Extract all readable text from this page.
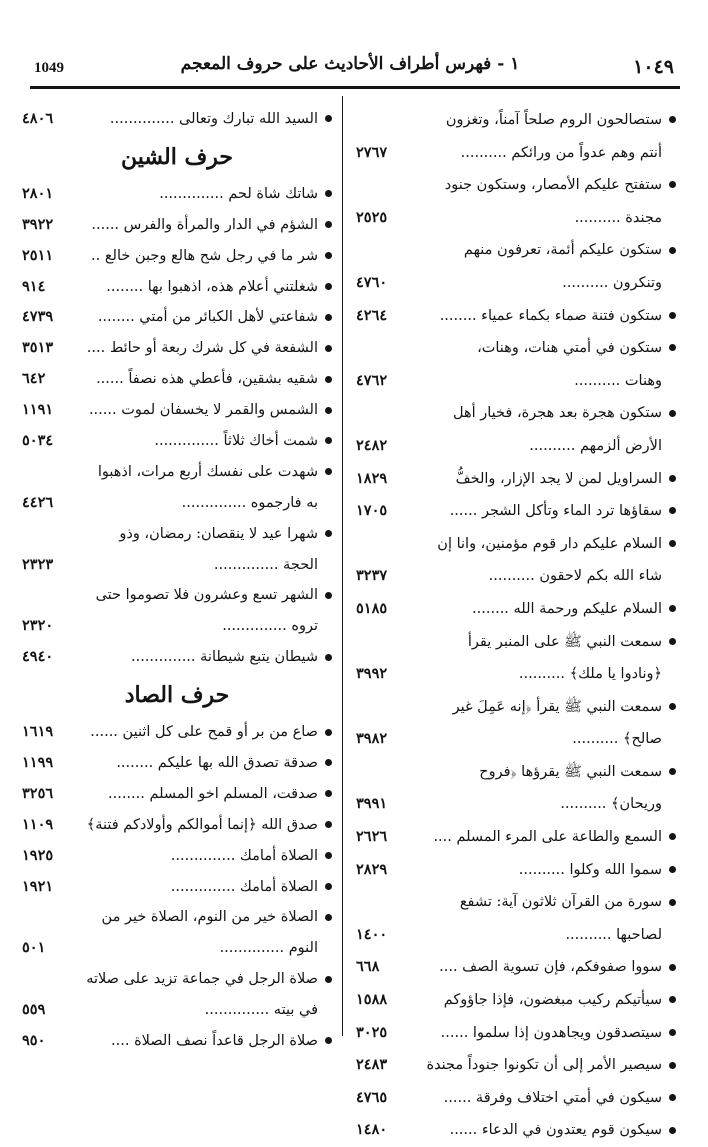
1049	١ - فهرس أطراف الأحاديث على حروف المعجم	١٠٤٩
ستصالحون الروم صلحاً آمناً، وتغزون
أنتم وهم عدواً من ورائكم ..........
٢٧٦٧
ستفتح عليكم الأمصار، وستكون جنود
مجندة ..........
٢٥٢٥
ستكون عليكم أئمة، تعرفون منهم
وتنكرون ..........
٤٧٦٠
ستكون فتنة صماء بكماء عمياء ........
٤٢٦٤
ستكون في أمتي هنات، وهنات،
وهنات ..........
٤٧٦٢
ستكون هجرة بعد هجرة، فخيار أهل
الأرض ألزمهم ..........
٢٤٨٢
السراويل لمن لا يجد الإزار، والخفُّ
١٨٢٩
سقاؤها ترد الماء وتأكل الشجر ......
١٧٠٥
السلام عليكم دار قوم مؤمنين، وانا إن
شاء الله بكم لاحقون ..........
٣٢٣٧
السلام عليكم ورحمة الله ........
٥١٨٥
سمعت النبي ﷺ على المنبر يقرأ
﴿ونادوا يا ملك﴾ ..........
٣٩٩٢
سمعت النبي ﷺ يقرأ ﴿إنه عَمِلَ غير
صالح﴾ ..........
٣٩٨٢
سمعت النبي ﷺ يقرؤها ﴿فروح
وريحان﴾ ..........
٣٩٩١
السمع والطاعة على المرء المسلم ....
٢٦٢٦
سموا الله وكلوا ..........
٢٨٢٩
سورة من القرآن ثلاثون آية: تشفع
لصاحبها ..........
١٤٠٠
سووا صفوفكم، فإن تسوية الصف ....
٦٦٨
سيأتيكم ركيب مبغضون، فإذا جاؤوكم
١٥٨٨
سيتصدقون ويجاهدون إذا سلموا ......
٣٠٢٥
سيصير الأمر إلى أن تكونوا جنوداً مجندة
٢٤٨٣
سيكون في أمتي اختلاف وفرقة ......
٤٧٦٥
سيكون قوم يعتدون في الدعاء ......
١٤٨٠
السيد الله تبارك وتعالى ..............
٤٨٠٦
حرف الشين
شاتك شاة لحم ..............
٢٨٠١
الشؤم في الدار والمرأة والفرس ......
٣٩٢٢
شر ما في رجل شح هالع وجبن خالع ..
٢٥١١
شغلتني أعلام هذه، اذهبوا بها ........
٩١٤
شفاعتي لأهل الكبائر من أمتي ........
٤٧٣٩
الشفعة في كل شرك ربعة أو حائط ....
٣٥١٣
شقيه بشقين، فأعطي هذه نصفاً ......
٦٤٢
الشمس والقمر لا يخسفان لموت ......
١١٩١
شمت أخاك ثلاثاً ..............
٥٠٣٤
شهدت على نفسك أربع مرات، اذهبوا
به فارجموه ..............
٤٤٢٦
شهرا عيد لا ينقصان: رمضان، وذو
الحجة ..............
٢٣٢٣
الشهر تسع وعشرون فلا تصوموا حتى
تروه ..............
٢٣٢٠
شيطان يتبع شيطانة ..............
٤٩٤٠
حرف الصاد
صاع من بر أو قمح على كل اثنين ......
١٦١٩
صدقة تصدق الله بها عليكم ........
١١٩٩
صدقت، المسلم اخو المسلم ........
٣٢٥٦
صدق الله ﴿إنما أموالكم وأولادكم فتنة﴾
١١٠٩
الصلاة أمامك ..............
١٩٢٥
الصلاة أمامك ..............
١٩٢١
الصلاة خير من النوم، الصلاة خير من
النوم ..............
٥٠١
صلاة الرجل في جماعة تزيد على صلاته
في بيته ..............
٥٥٩
صلاة الرجل قاعداً نصف الصلاة ....
٩٥٠
